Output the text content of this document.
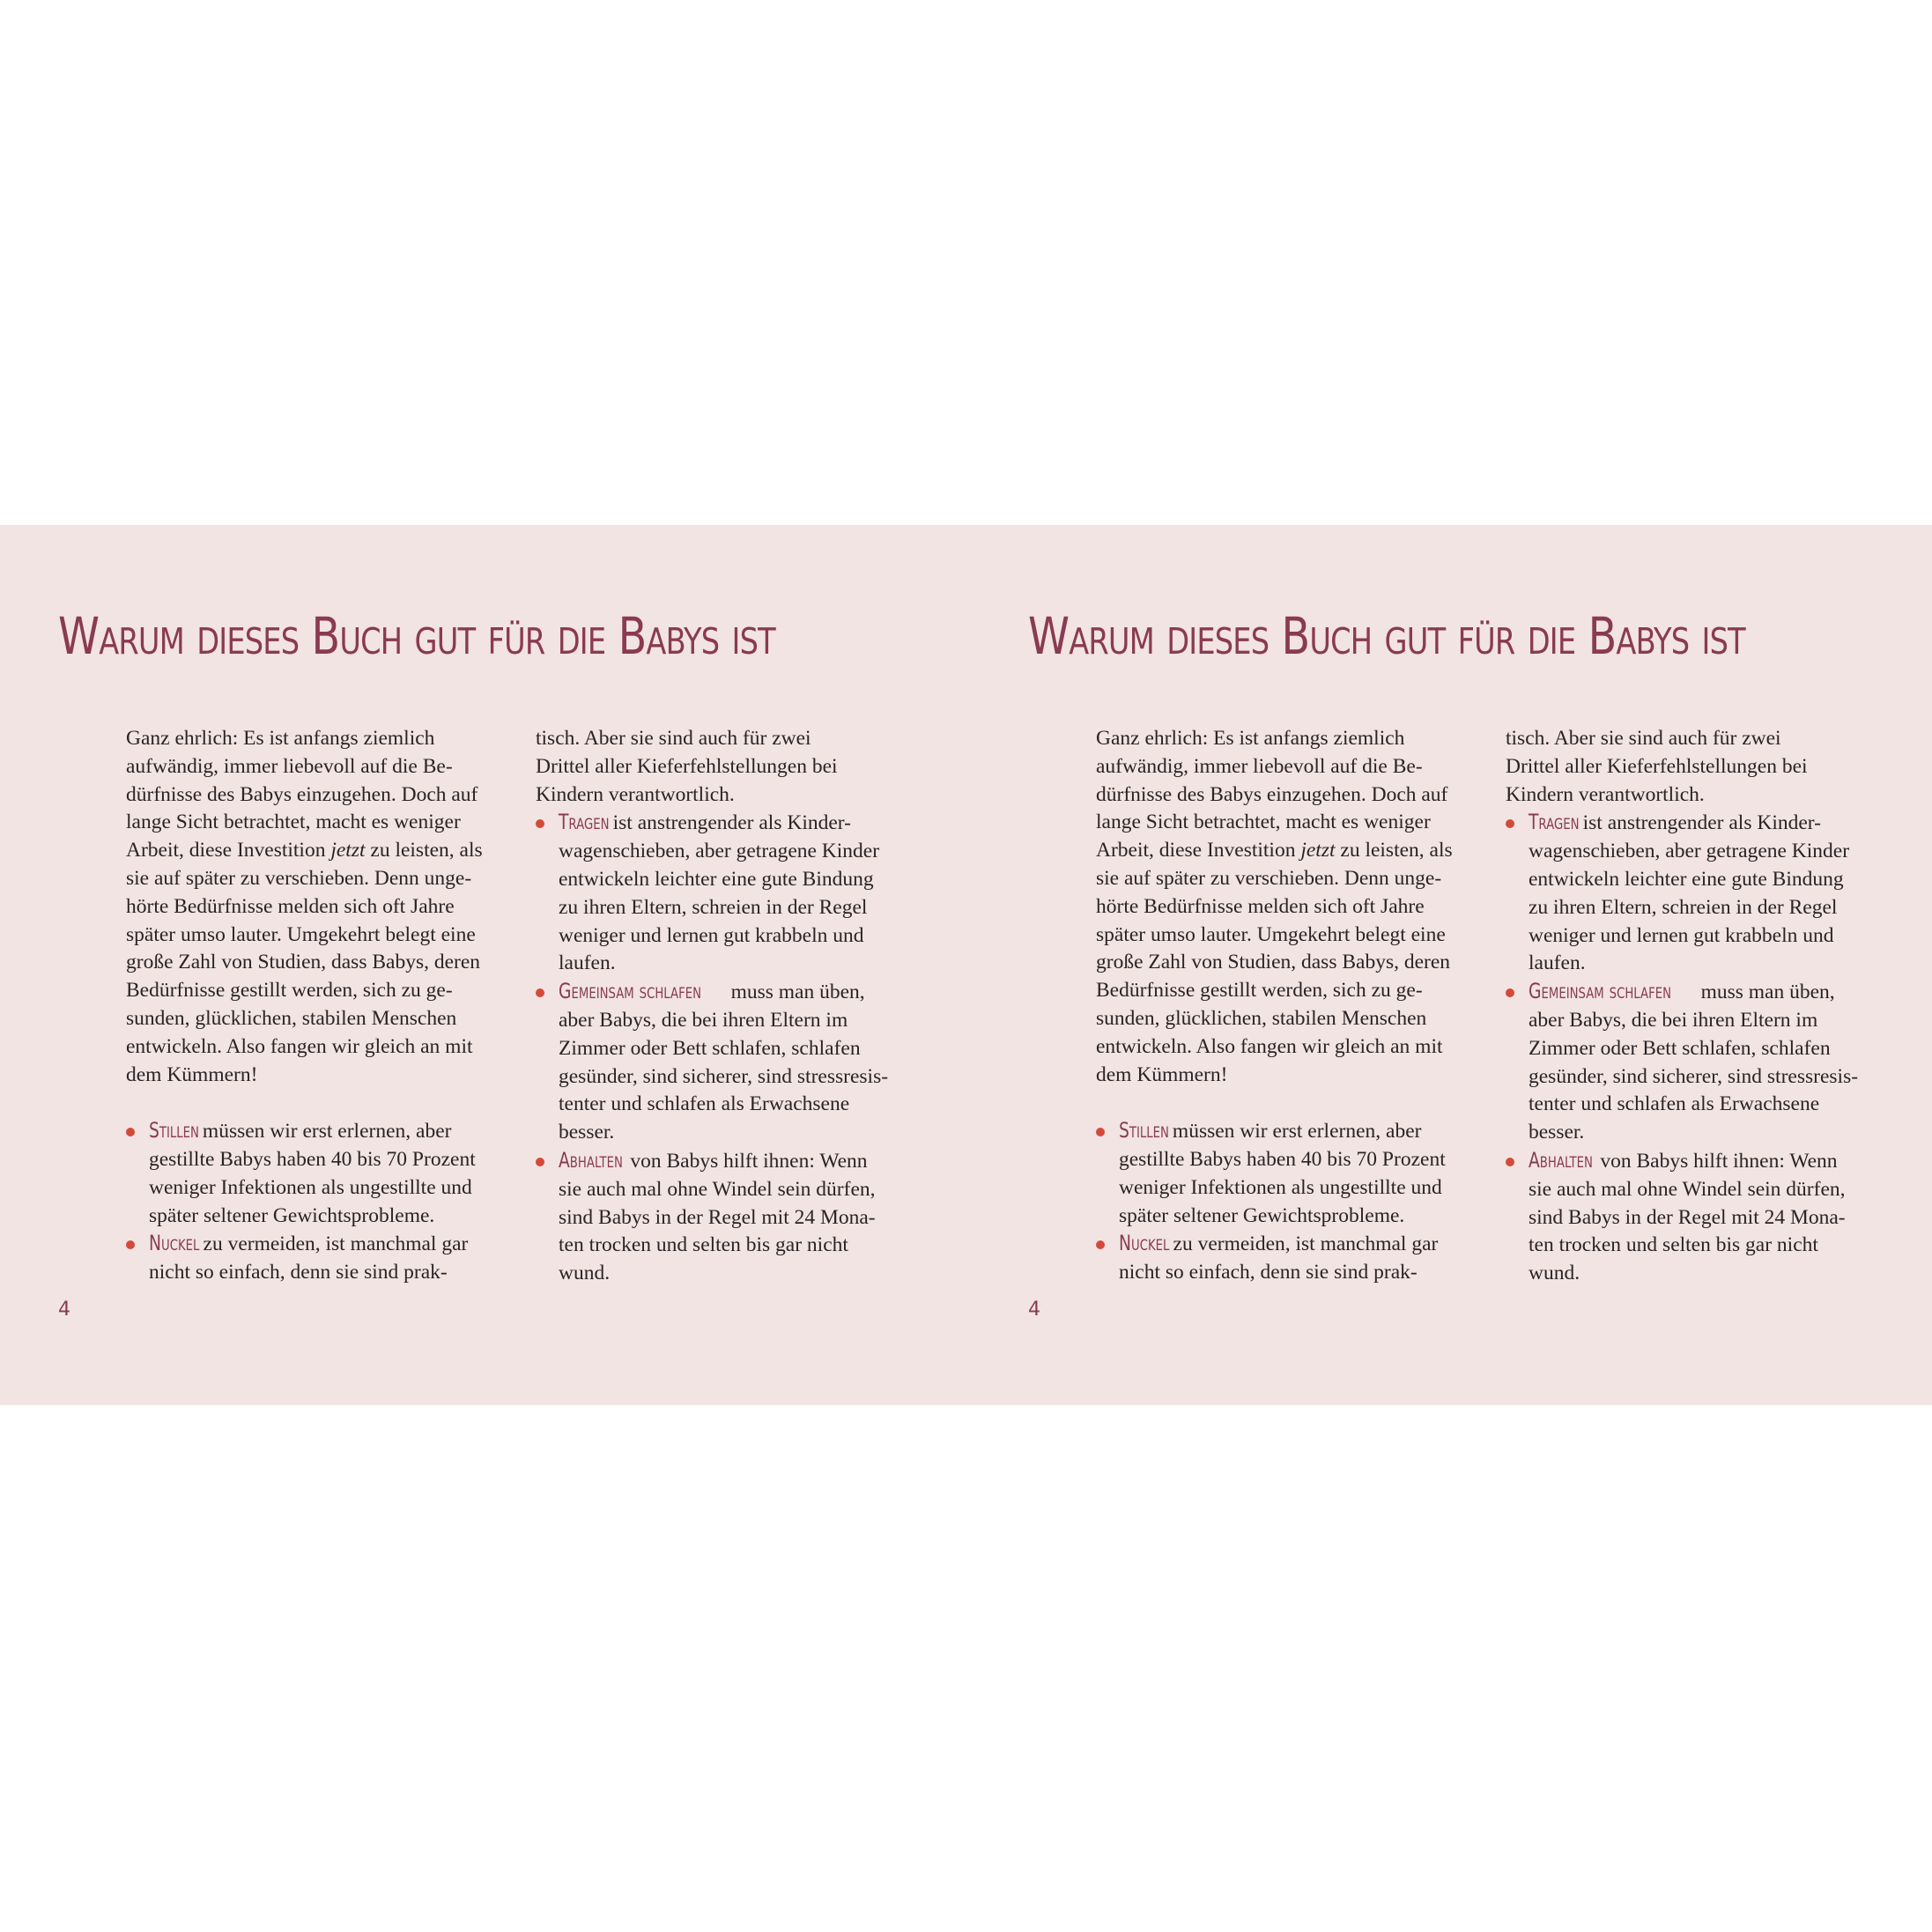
Warum dieses Buch gut für die Babys ist

Ganz ehrlich: Es ist anfangs ziemlich
aufwändig, immer liebevoll auf die Be-
dürfnisse des Babys einzugehen. Doch auf
lange Sicht betrachtet, macht es weniger
Arbeit, diese Investition jetzt zu leisten, als
sie auf später zu verschieben. Denn unge-
hörte Bedürfnisse melden sich oft Jahre
später umso lauter. Umgekehrt belegt eine
große Zahl von Studien, dass Babys, deren
Bedürfnisse gestillt werden, sich zu ge-
sunden, glücklichen, stabilen Menschen
entwickeln. Also fangen wir gleich an mit
dem Kümmern!

Stillen müssen wir erst erlernen, aber
gestillte Babys haben 40 bis 70 Prozent
weniger Infektionen als ungestillte und
später seltener Gewichtsprobleme.
Nuckel zu vermeiden, ist manchmal gar
nicht so einfach, denn sie sind prak-

tisch. Aber sie sind auch für zwei
Drittel aller Kieferfehlstellungen bei
Kindern verantwortlich.

Tragen ist anstrengender als Kinder-
wagenschieben, aber getragene Kinder
entwickeln leichter eine gute Bindung
zu ihren Eltern, schreien in der Regel
weniger und lernen gut krabbeln und
laufen.
Gemeinsam schlafen muss man üben,
aber Babys, die bei ihren Eltern im
Zimmer oder Bett schlafen, schlafen
gesünder, sind sicherer, sind stressresis-
tenter und schlafen als Erwachsene
besser.
Abhalten von Babys hilft ihnen: Wenn
sie auch mal ohne Windel sein dürfen,
sind Babys in der Regel mit 24 Mona-
ten trocken und selten bis gar nicht
wund.
4
Warum dieses Buch gut für die Babys ist

Ganz ehrlich: Es ist anfangs ziemlich
aufwändig, immer liebevoll auf die Be-
dürfnisse des Babys einzugehen. Doch auf
lange Sicht betrachtet, macht es weniger
Arbeit, diese Investition jetzt zu leisten, als
sie auf später zu verschieben. Denn unge-
hörte Bedürfnisse melden sich oft Jahre
später umso lauter. Umgekehrt belegt eine
große Zahl von Studien, dass Babys, deren
Bedürfnisse gestillt werden, sich zu ge-
sunden, glücklichen, stabilen Menschen
entwickeln. Also fangen wir gleich an mit
dem Kümmern!

Stillen müssen wir erst erlernen, aber
gestillte Babys haben 40 bis 70 Prozent
weniger Infektionen als ungestillte und
später seltener Gewichtsprobleme.
Nuckel zu vermeiden, ist manchmal gar
nicht so einfach, denn sie sind prak-

tisch. Aber sie sind auch für zwei
Drittel aller Kieferfehlstellungen bei
Kindern verantwortlich.

Tragen ist anstrengender als Kinder-
wagenschieben, aber getragene Kinder
entwickeln leichter eine gute Bindung
zu ihren Eltern, schreien in der Regel
weniger und lernen gut krabbeln und
laufen.
Gemeinsam schlafen muss man üben,
aber Babys, die bei ihren Eltern im
Zimmer oder Bett schlafen, schlafen
gesünder, sind sicherer, sind stressresis-
tenter und schlafen als Erwachsene
besser.
Abhalten von Babys hilft ihnen: Wenn
sie auch mal ohne Windel sein dürfen,
sind Babys in der Regel mit 24 Mona-
ten trocken und selten bis gar nicht
wund.
4
